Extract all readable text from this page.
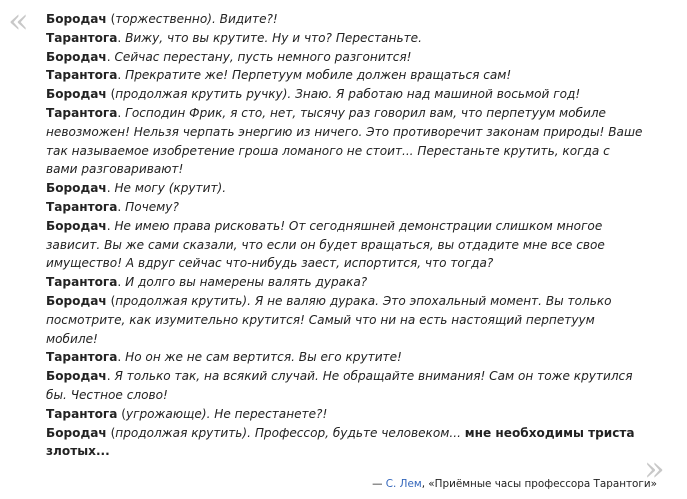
« Бородач (торжественно). Видите?!
Тарантога. Вижу, что вы крутите. Ну и что? Перестаньте.
Бородач. Сейчас перестану, пусть немного разгонится!
Тарантога. Прекратите же! Перпетуум мобиле должен вращаться сам!
Бородач (продолжая крутить ручку). Знаю. Я работаю над машиной восьмой год!
Тарантога. Господин Фрик, я сто, нет, тысячу раз говорил вам, что перпетуум мобиле
невозможен! Нельзя черпать энергию из ничего. Это противоречит законам природы! Ваше
так называемое изобретение гроша ломаного не стоит... Перестаньте крутить, когда с
вами разговаривают!
Бородач. Не могу (крутит).
Тарантога. Почему?
Бородач. Не имею права рисковать! От сегодняшней демонстрации слишком многое
зависит. Вы же сами сказали, что если он будет вращаться, вы отдадите мне все свое
имущество! А вдруг сейчас что-нибудь заест, испортится, что тогда?
Тарантога. И долго вы намерены валять дурака?
Бородач (продолжая крутить). Я не валяю дурака. Это эпохальный момент. Вы только
посмотрите, как изумительно крутится! Самый что ни на есть настоящий перпетуум
мобиле!
Тарантога. Но он же не сам вертится. Вы его крутите!
Бородач. Я только так, на всякий случай. Не обращайте внимания! Сам он тоже крутился
бы. Честное слово!
Тарантога (угрожающе). Не перестанете?!
Бородач (продолжая крутить). Профессор, будьте человеком... мне необходимы триста
злотых...	»
— С. Лем, «Приёмные часы профессора Тарантоги»
